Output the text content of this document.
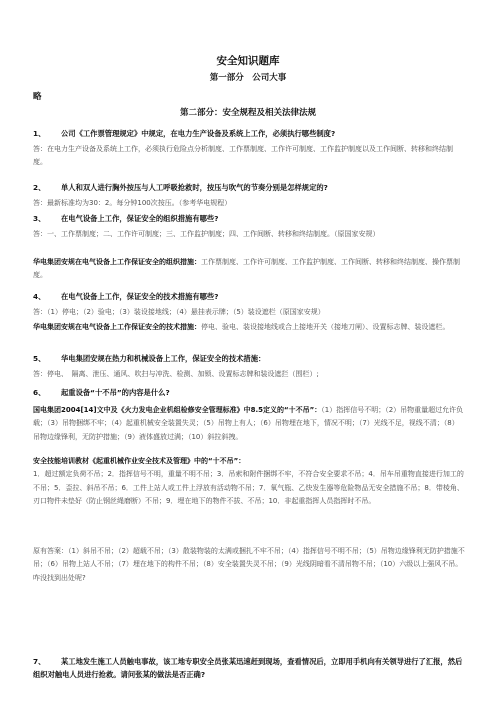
安全知识题库
第一部分　公司大事
略
第二部分：安全规程及相关法律法规
1、 公司《工作票管理规定》中规定，在电力生产设备及系统上工作，必须执行哪些制度?
答：在电力生产设备及系统上工作，必须执行危险点分析制度、工作票制度、工作许可制度、工作监护制度以及工作间断、转移和终结制度。
2、 单人和双人进行胸外按压与人工呼吸抢救时，按压与吹气的节奏分别是怎样规定的?
答：最新标准均为30：2。每分钟100次按压。（参考华电规程）
3、 在电气设备上工作，保证安全的组织措施有哪些?
答：一、工作票制度；二、工作许可制度；三、工作监护制度；四、工作间断、转移和终结制度。（原国家安规）
华电集团安规在电气设备上工作保证安全的组织措施：工作票制度、工作许可制度、工作监护制度、工作间断、转移和终结制度、操作票制度。
4、 在电气设备上工作，保证安全的技术措施有哪些?
答：（1）停电；（2）验电；（3）装设接地线；（4）悬挂表示牌；（5）装设遮栏（原国家安规）
华电集团安规在电气设备上工作保证安全的技术措施：停电、验电、装设接地线或合上接地开关（接地刀闸）、设置标志牌、装设遮栏。
5、 华电集团安规在热力和机械设备上工作，保证安全的技术措施：
答：停电、　隔离、泄压、通风、吹扫与冲洗、检测、加锁、设置标志牌和装设遮拦（围栏）;
6、 起重设备“十不吊”的内容是什么?
国电集团2004[14]文中及《火力发电企业机组检修安全管理标准》中8.5定义的“十不吊”：（1）指挥信号不明；（2）吊物重量超过允许负载；（3）吊物捆绑不牢；（4）起重机械安全装置失灵；（5）吊物上有人；（6）吊物埋在地下，情况不明；（7）光线不足，视线不清；（8）吊物边缘锋利，无防护措施；（9）液体盛放过满；（10）斜拉斜拽。
安全技能培训教材《起重机械作业安全技术及管理》中的“十不吊”：
1．超过额定负荷不吊；2．指挥信号不明，重量不明不吊；3．吊索和附件捆绑不牢，不符合安全要求不吊；4．吊车吊重物直接进行加工的不吊；5．歪拉、斜吊不吊；6．工件上站人或工件上浮放有活动物不吊；7．氧气瓶、乙炔发生器等危险物品无安全措施不吊；8．带棱角、刃口物件未垫好（防止钢丝绳磨断）不吊；9．埋在地下的物件不拔、不吊；10．非起重指挥人员指挥时不吊。
原有答案：（1）斜吊不吊；（2）超载不吊；（3）散装物装的太满或捆扎不牢不吊；（4）指挥信号不明不吊；（5）吊物边缘锋利无防护措施不吊；（6）吊物上站人不吊；（7）埋在地下的构件不吊；（8）安全装置失灵不吊；（9）光线阴暗看不清吊物不吊；（10）六级以上强风不吊。咋没找到出处呢?
7、 某工地发生施工人员触电事故，该工地专职安全员张某迅速赶到现场，查看情况后，立即用手机向有关领导进行了汇报，然后组织对触电人员进行抢救。请问张某的做法是否正确?
